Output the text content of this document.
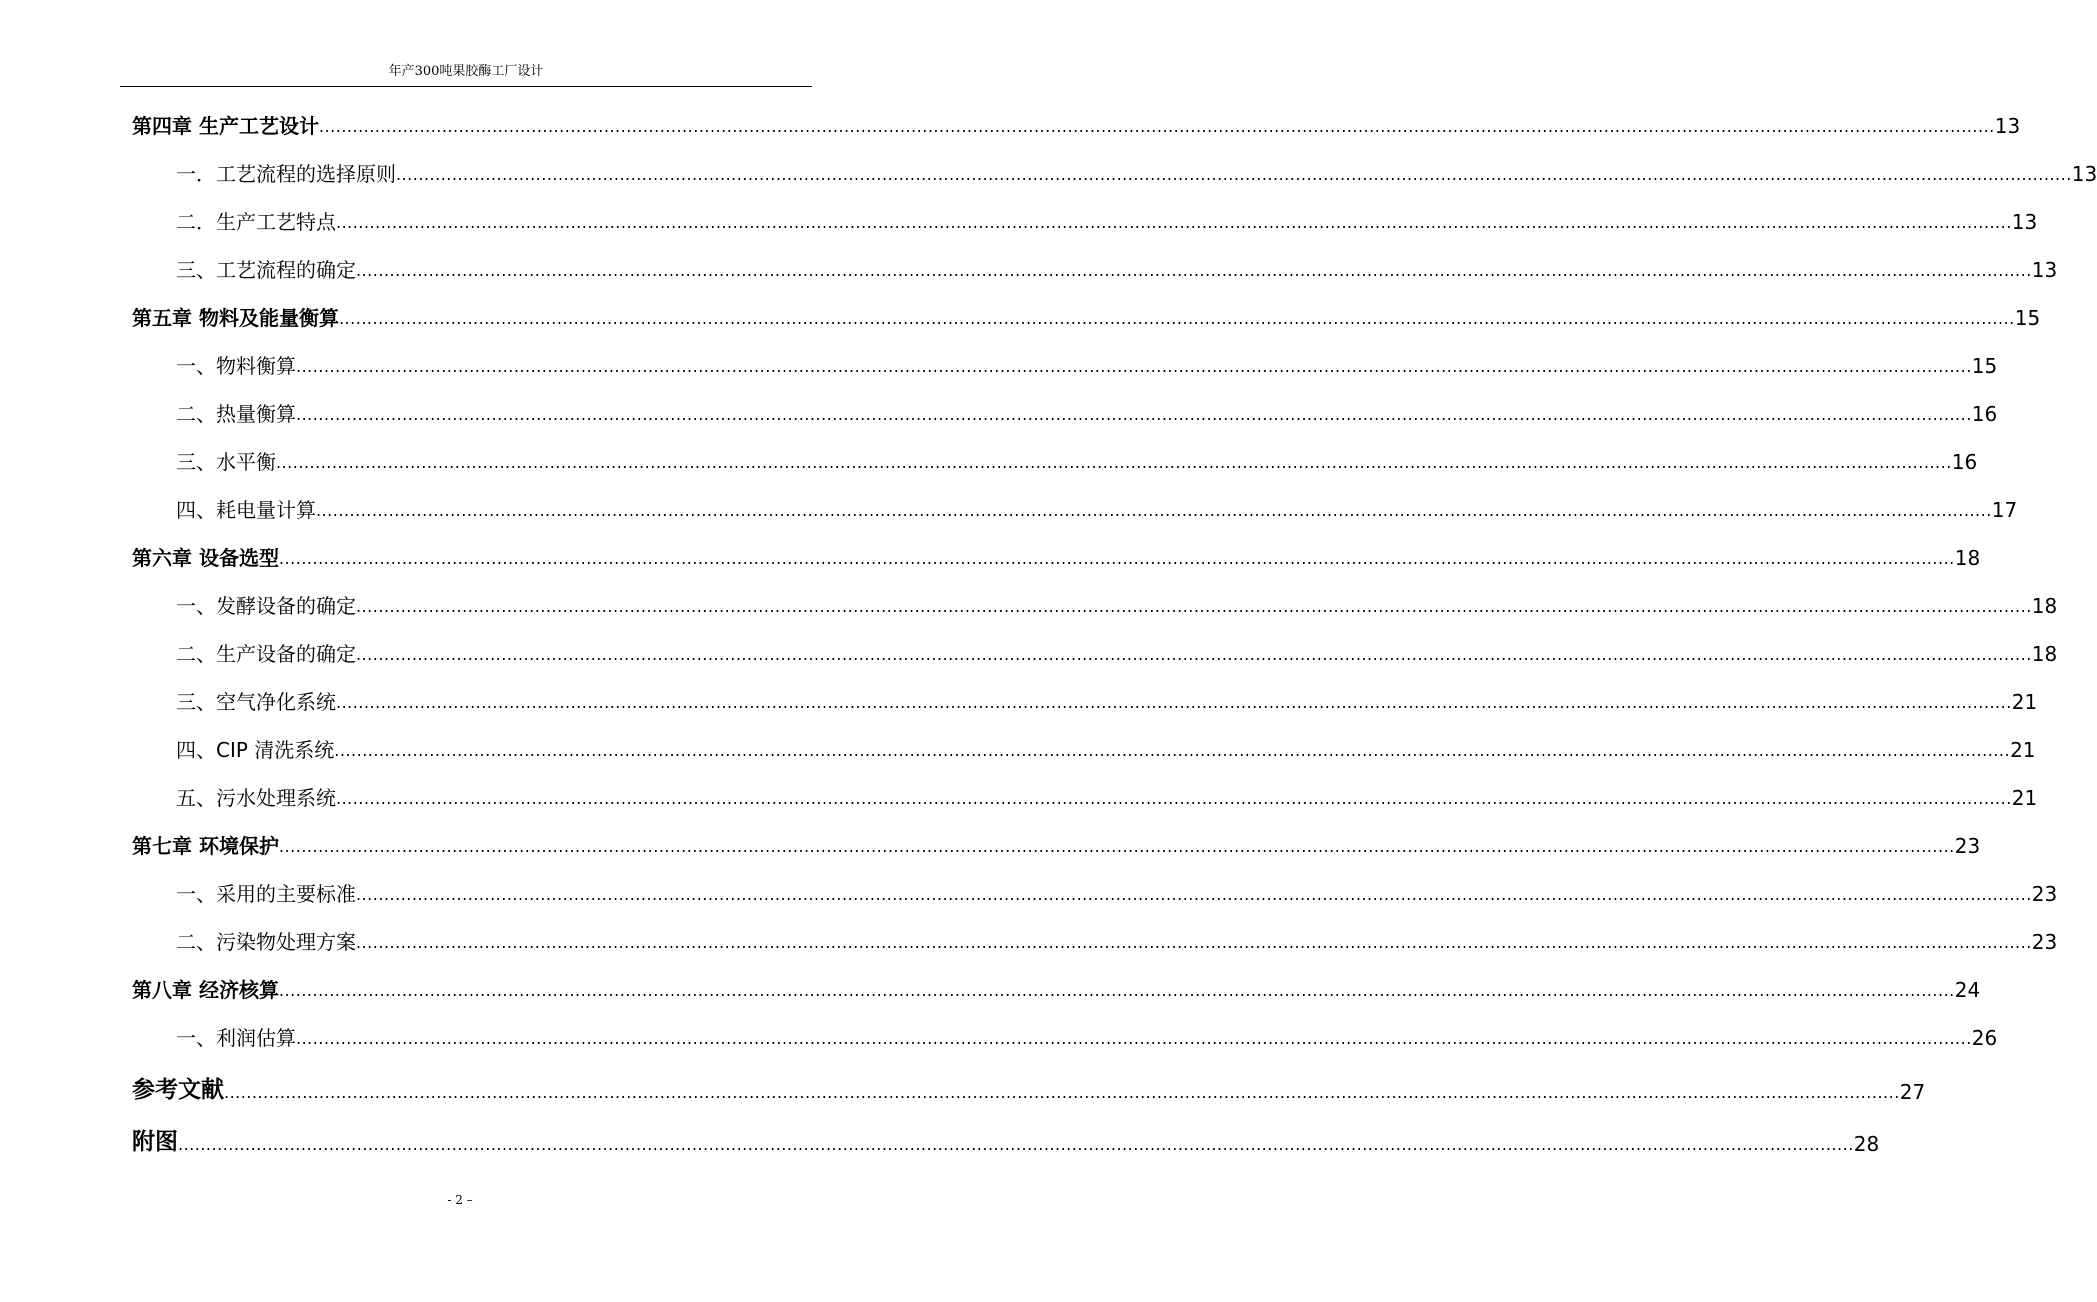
年产300吨果胶酶工厂设计
第四章 生产工艺设计 ............................................................................................................................................................................................................................................................................................................ 13
一．工艺流程的选择原则 ............................................................................................................................................................................................................................................................................................................ 13
二．生产工艺特点 ............................................................................................................................................................................................................................................................................................................ 13
三、工艺流程的确定 ............................................................................................................................................................................................................................................................................................................ 13
第五章 物料及能量衡算 ............................................................................................................................................................................................................................................................................................................ 15
一、物料衡算 ............................................................................................................................................................................................................................................................................................................ 15
二、热量衡算 ............................................................................................................................................................................................................................................................................................................ 16
三、水平衡 ............................................................................................................................................................................................................................................................................................................ 16
四、耗电量计算 ............................................................................................................................................................................................................................................................................................................ 17
第六章 设备选型 ............................................................................................................................................................................................................................................................................................................ 18
一、发酵设备的确定 ............................................................................................................................................................................................................................................................................................................ 18
二、生产设备的确定 ............................................................................................................................................................................................................................................................................................................ 18
三、空气净化系统 ............................................................................................................................................................................................................................................................................................................ 21
四、CIP 清洗系统 ............................................................................................................................................................................................................................................................................................................ 21
五、污水处理系统 ............................................................................................................................................................................................................................................................................................................ 21
第七章 环境保护 ............................................................................................................................................................................................................................................................................................................ 23
一、采用的主要标准 ............................................................................................................................................................................................................................................................................................................ 23
二、污染物处理方案 ............................................................................................................................................................................................................................................................................................................ 23
第八章 经济核算 ............................................................................................................................................................................................................................................................................................................ 24
一、利润估算 ............................................................................................................................................................................................................................................................................................................ 26
参考文献 ............................................................................................................................................................................................................................................................................................................ 27
附图 ............................................................................................................................................................................................................................................................................................................ 28
- 2 –
